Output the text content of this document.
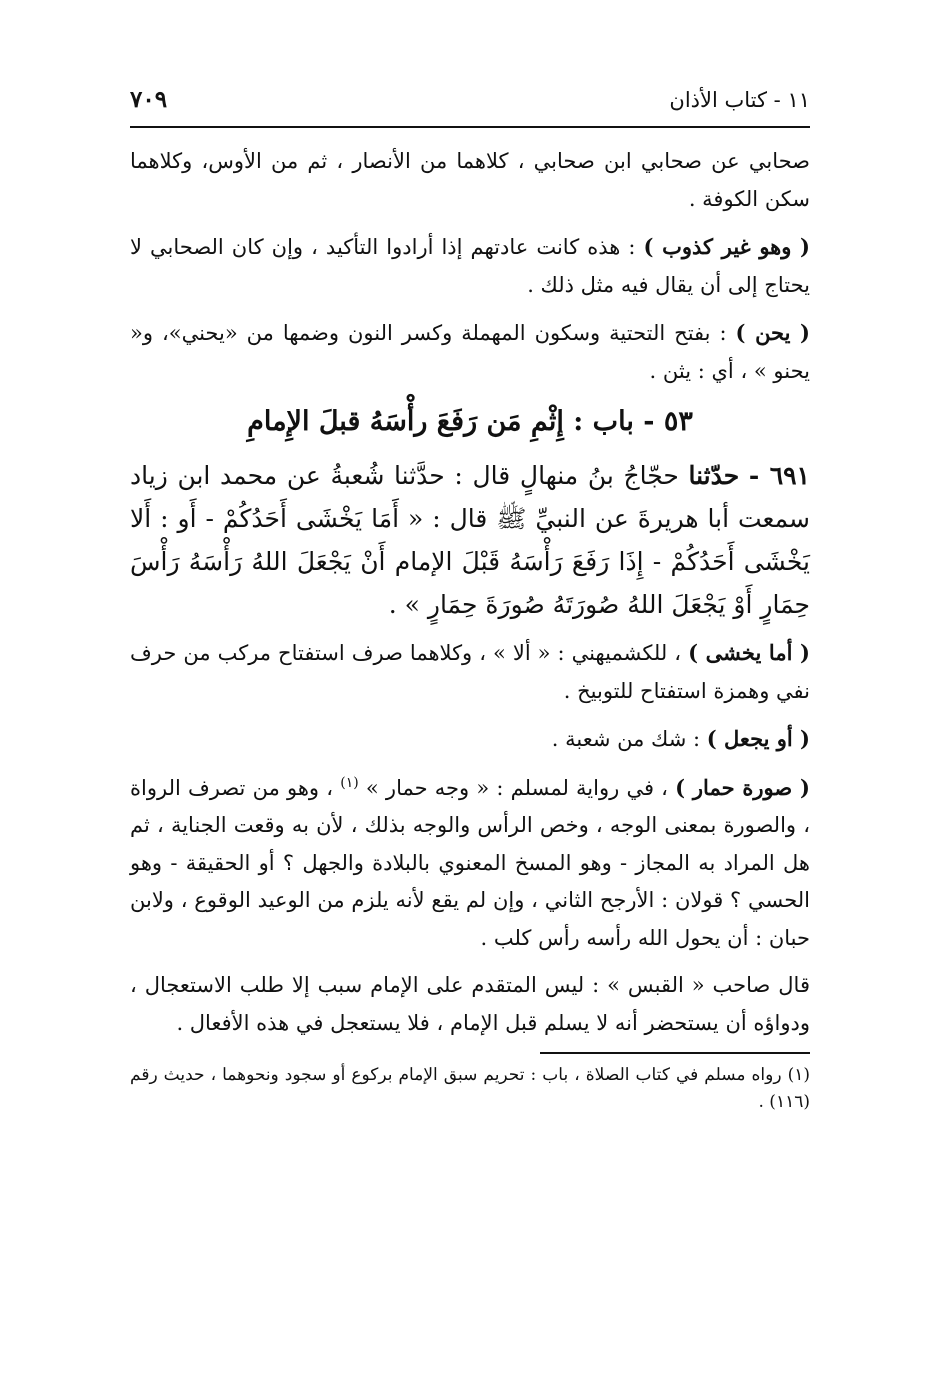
١١ - كتاب الأذان
٧٠٩

صحابي عن صحابي ابن صحابي ، كلاهما من الأنصار ، ثم من الأوس، وكلاهما سكن الكوفة .

( وهو غير كذوب ) : هذه كانت عادتهم إذا أرادوا التأكيد ، وإن كان الصحابي لا يحتاج إلى أن يقال فيه مثل ذلك .

( يحن ) : بفتح التحتية وسكون المهملة وكسر النون وضمها من «يحني»، و« يحنو » ، أي : يثن .

٥٣ - باب : إِثْمِ مَن رَفَعَ رأْسَهُ قبلَ الإِمامِ

٦٩١ - حدّثنا حجّاجُ بنُ منهالٍ قال : حدَّثنا شُعبةُ عن محمد ابن زياد سمعت أبا هريرةَ عن النبيِّ ﷺ قال : « أَمَا يَخْشَى أَحَدُكُمْ - أَو : أَلا يَخْشَى أَحَدُكُمْ - إِذَا رَفَعَ رَأْسَهُ قَبْلَ الإمام أَنْ يَجْعَلَ اللهُ رَأْسَهُ رَأْسَ حِمَارٍ أَوْ يَجْعَلَ اللهُ صُورَتَهُ صُورَةَ حِمَارٍ » .

( أما يخشى ) ، للكشميهني : « ألا » ، وكلاهما صرف استفتاح مركب من حرف نفي وهمزة استفتاح للتوبيخ .

( أو يجعل ) : شك من شعبة .

( صورة حمار ) ، في رواية لمسلم : « وجه حمار » $^{(١)}$ ، وهو من تصرف الرواة ، والصورة بمعنى الوجه ، وخص الرأس والوجه بذلك ، لأن به وقعت الجناية ، ثم هل المراد به المجاز - وهو المسخ المعنوي بالبلادة والجهل ؟ أو الحقيقة - وهو الحسي ؟ قولان : الأرجح الثاني ، وإن لم يقع لأنه يلزم من الوعيد الوقوع ، ولابن حبان : أن يحول الله رأسه رأس كلب .

قال صاحب « القبس » : ليس المتقدم على الإمام سبب إلا طلب الاستعجال ، ودواؤه أن يستحضر أنه لا يسلم قبل الإمام ، فلا يستعجل في هذه الأفعال .

(١)رواه مسلم في كتاب الصلاة ، باب : تحريم سبق الإمام بركوع أو سجود ونحوهما ، حديث رقم (١١٦) .
